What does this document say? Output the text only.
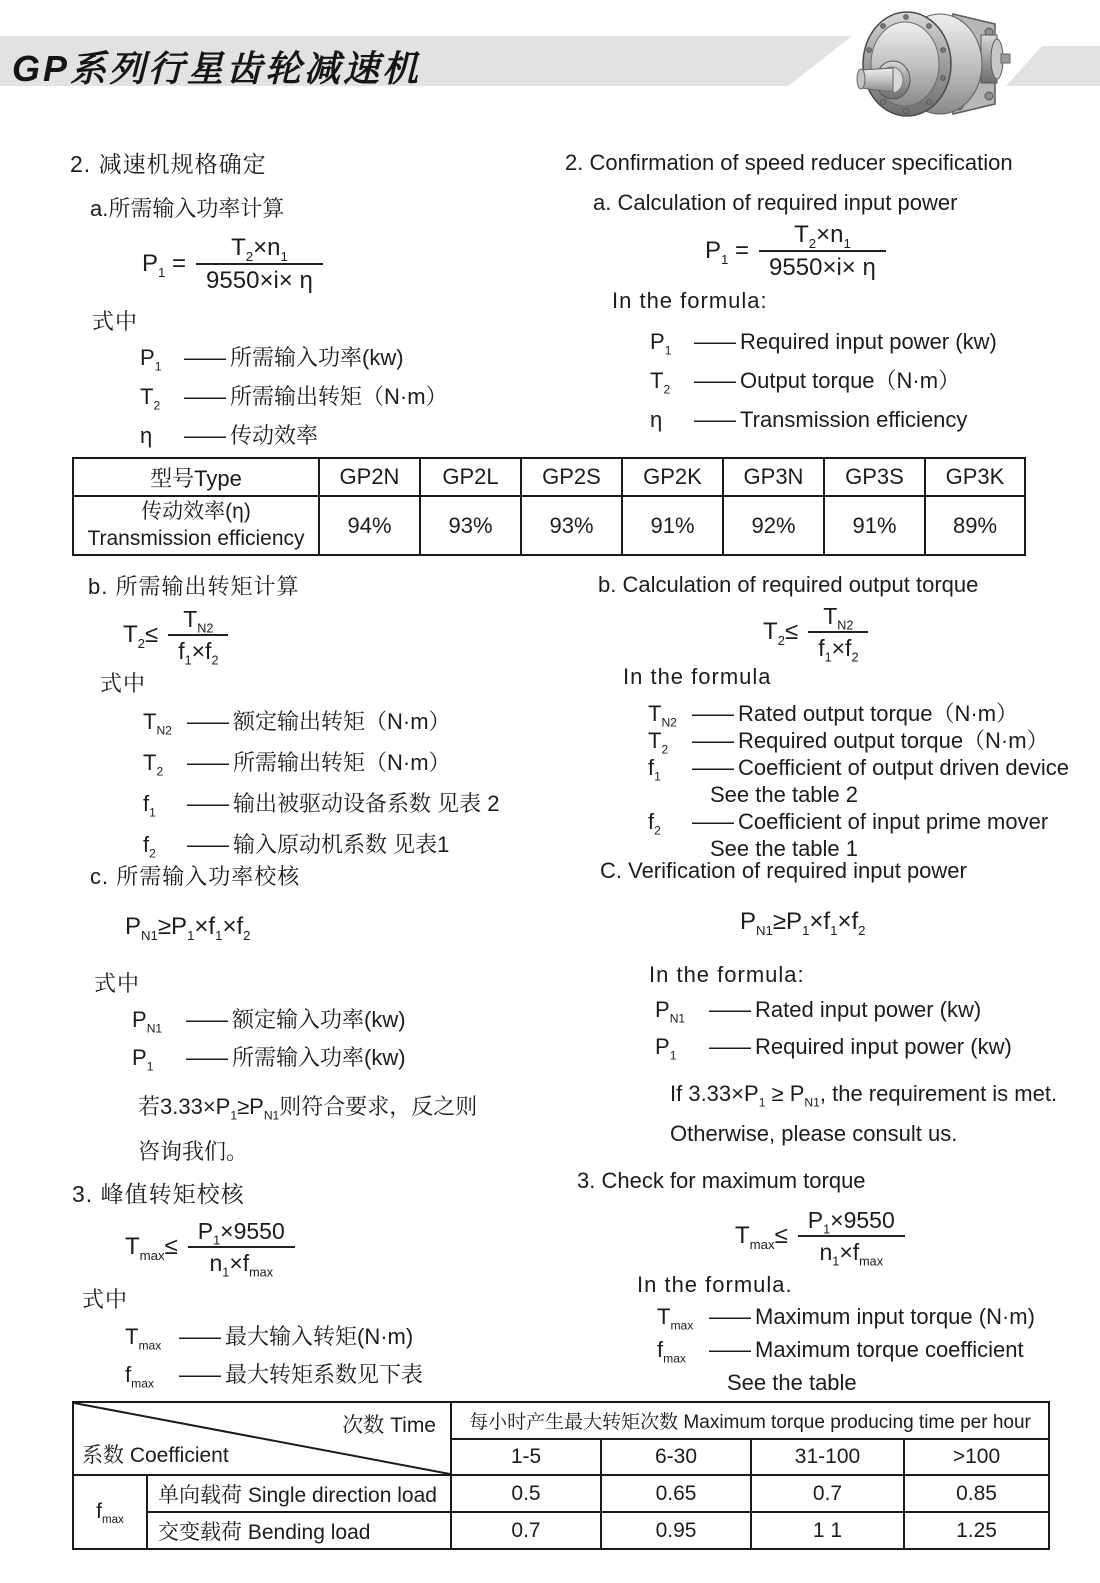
GP系列行星齿轮减速机
2. 减速机规格确定
a.所需输入功率计算
$P_1 = \frac{T_2\times n_1}{9550\times i\times \eta}$
式中
$P_1$	—— 所需输入功率(kw)
$T_2$	—— 所需输出转矩（N·m）
η	—— 传动效率
2. Confirmation of speed reducer specification
a. Calculation of required input power
$P_1 = \frac{T_2\times n_1}{9550\times i\times \eta}$
In the formula:
$P_1$	—— Required input power (kw)
$T_2$	—— Output torque（N·m）
η	—— Transmission efficiency
型号Type	GP2N	GP2L	GP2S	GP2K	GP3N	GP3S	GP3K

传动效率(η)
Transmission efficiency	94%	93%	93%	91%	92%	91%	89%
b. 所需输出转矩计算
$T_2\le \frac{T_{N2}}{f_1\times f_2}$
式中
$T_{N2}$ —— 额定输出转矩（N·m）
$T_2$	—— 所需输出转矩（N·m）
$f_1$	—— 输出被驱动设备系数 见表 2
$f_2$	—— 输入原动机系数 见表1
b. Calculation of required output torque
$T_2\le \frac{T_{N2}}{f_1\times f_2}$
In the formula
$T_{N2}$ —— Rated output torque（N·m）
$T_2$	—— Required output torque（N·m）
$f_1$	—— Coefficient of output driven device
See the table 2
$f_2$	—— Coefficient of input prime mover
See the table 1
c. 所需输入功率校核
$P_{N1}\ge P_1\times f_1\times f_2$
式中
$P_{N1}$	—— 额定输入功率(kw)
$P_1$	—— 所需输入功率(kw)
若$3.33\times P_1\ge P_{N1}$则符合要求，反之则
咨询我们。
C. Verification of required input power
$P_{N1}\ge P_1\times f_1\times f_2$
In the formula:
$P_{N1}$	—— Rated input power (kw)
$P_1$	—— Required input power (kw)
If $3.33\times P_1 \ge P_{N1}$, the requirement is met.
Otherwise, please consult us.
3. 峰值转矩校核
$T_{max}\le \frac{P_1\times 9550}{n_1\times f_{max}}$
式中
$T_{max}$ —— 最大输入转矩(N·m)
$f_{max}$	—— 最大转矩系数见下表
3. Check for maximum torque
$T_{max}\le \frac{P_1\times 9550}{n_1\times f_{max}}$
In the formula.
$T_{max}$ —— Maximum input torque (N·m)
$f_{max}$	—— Maximum torque coefficient
See the table
次数 Time
系数 Coefficient		每小时产生最大转矩次数 Maximum torque producing time per hour			
		1-5	6-30	31-100	>100
$f_{max}$	单向载荷 Single direction load	0.5	0.65	0.7	0.85
	交变载荷 Bending load	0.7	0.95	1 1	1.25
